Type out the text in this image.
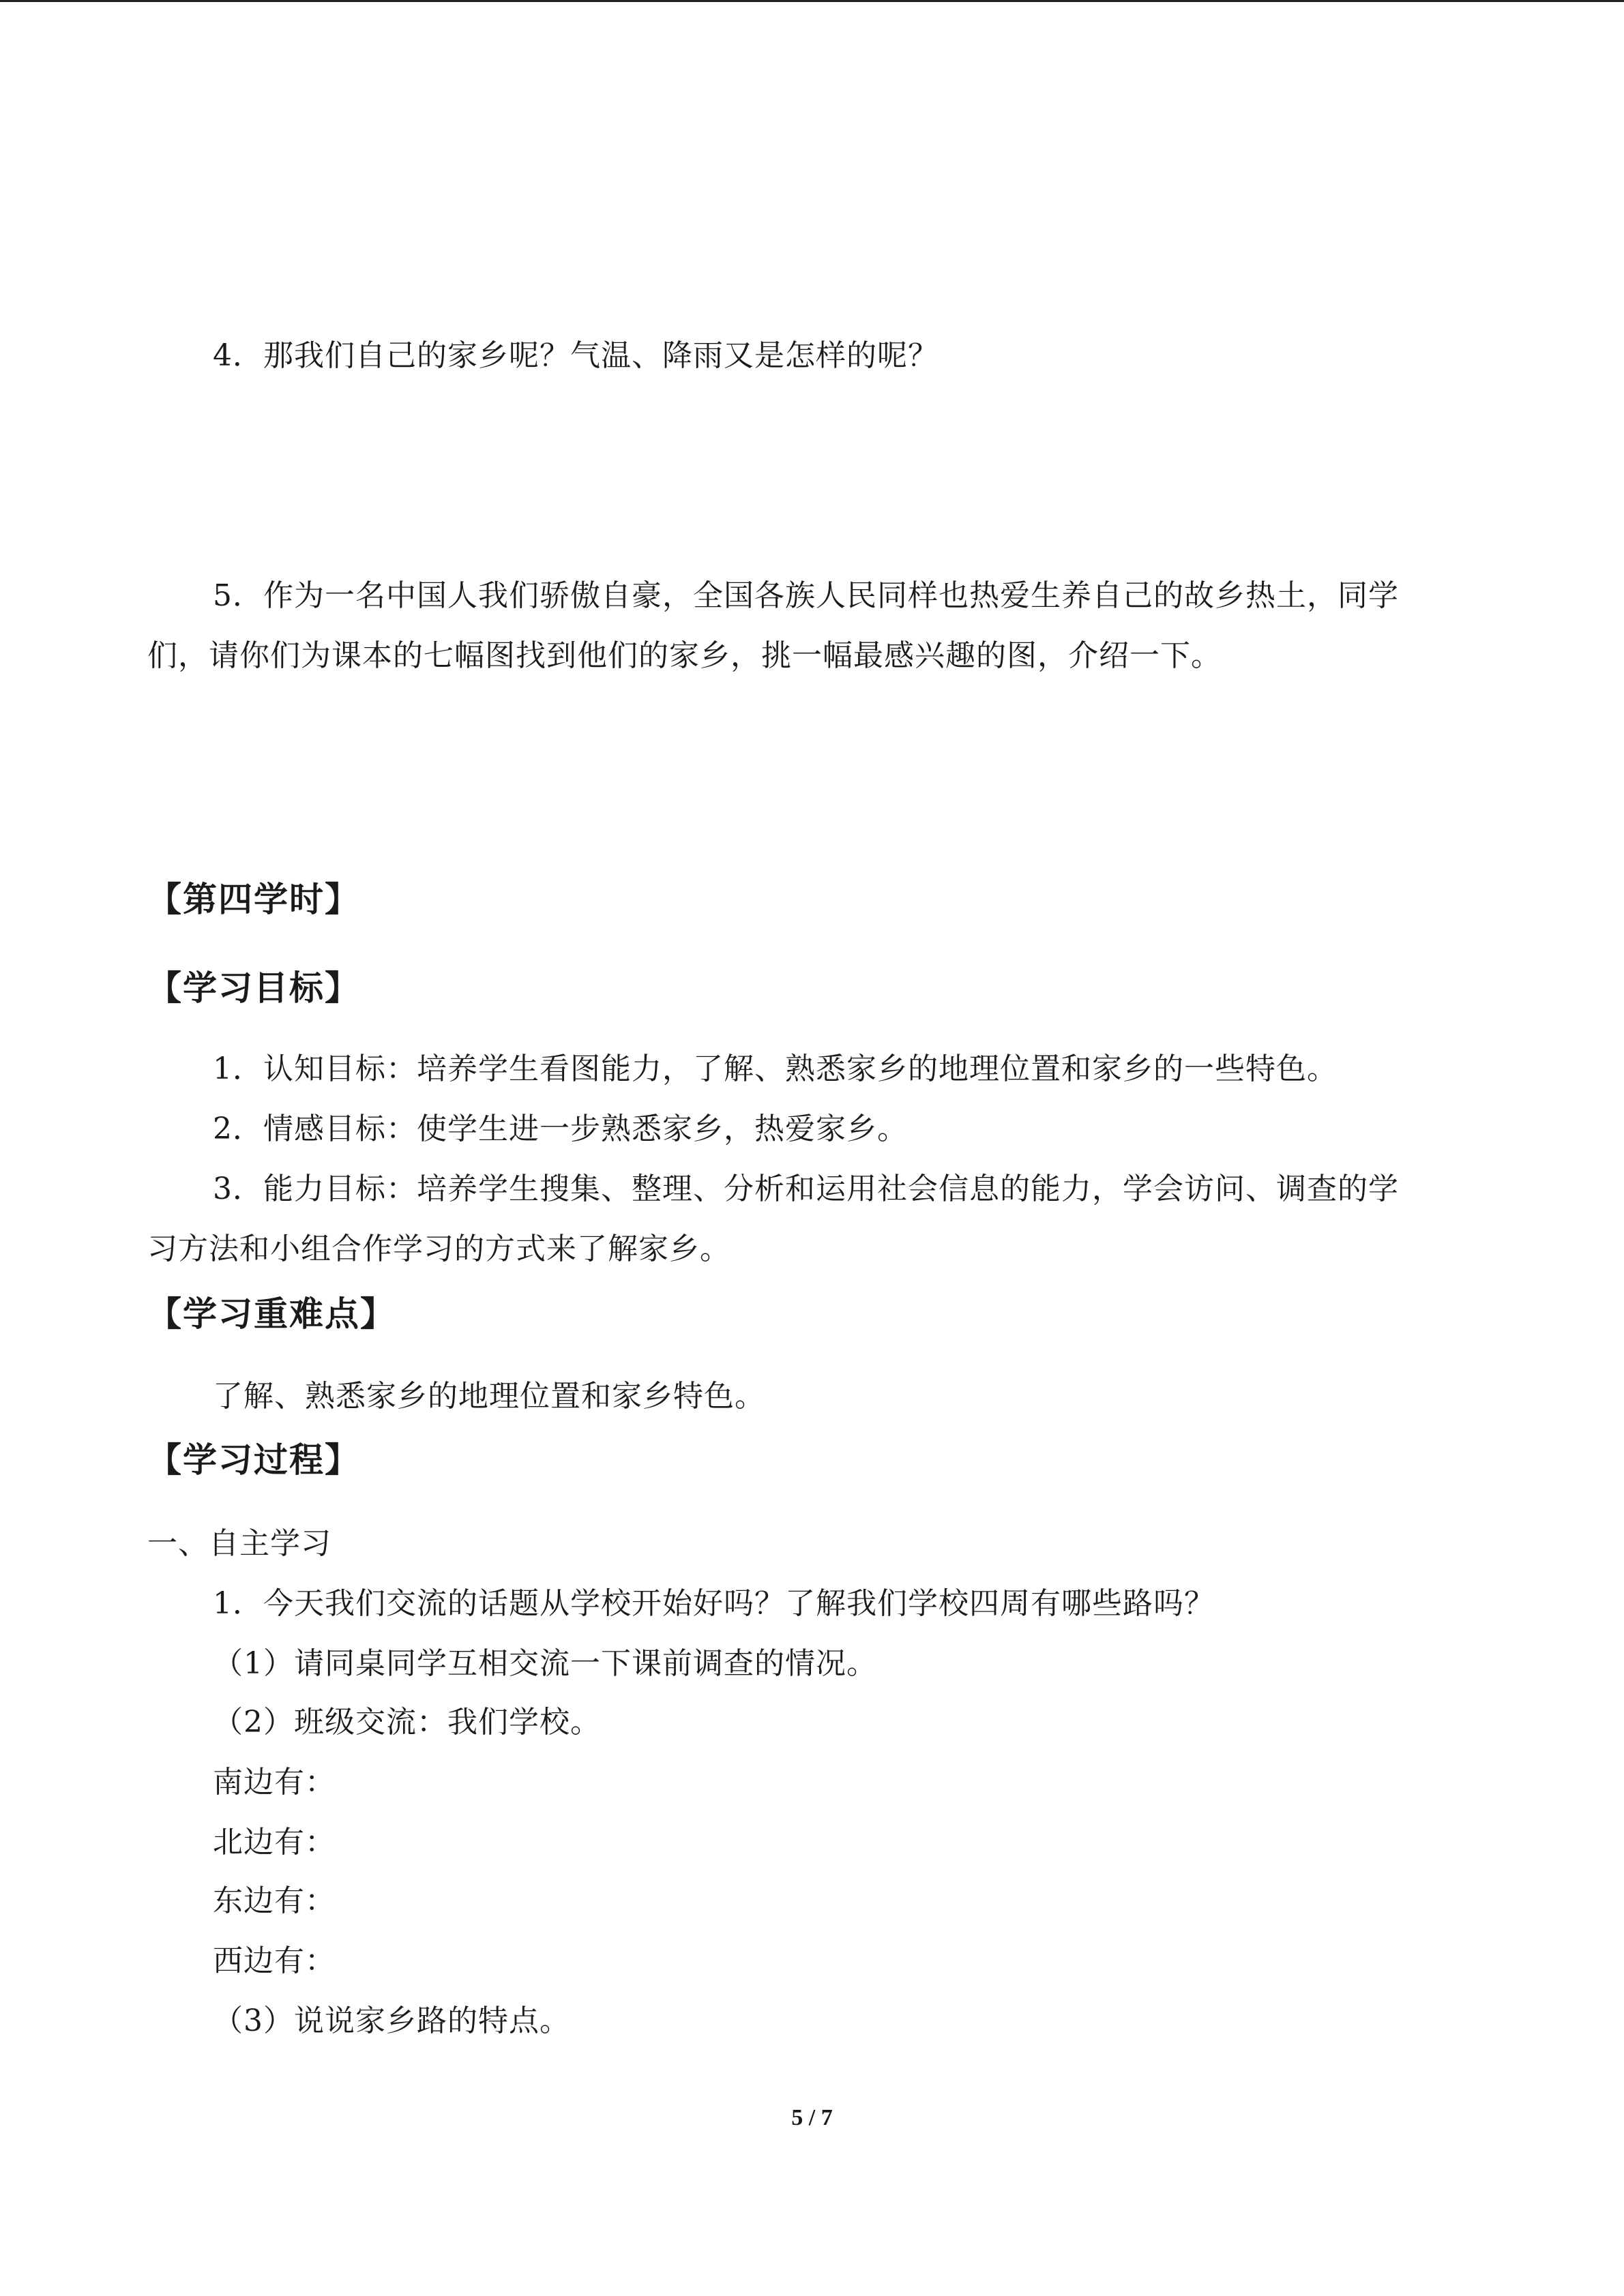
4．那我们自己的家乡呢？气温、降雨又是怎样的呢？
5．作为一名中国人我们骄傲自豪，全国各族人民同样也热爱生养自己的故乡热土，同学
们，请你们为课本的七幅图找到他们的家乡，挑一幅最感兴趣的图，介绍一下。
【第四学时】
【学习目标】
1．认知目标：培养学生看图能力，了解、熟悉家乡的地理位置和家乡的一些特色。
2．情感目标：使学生进一步熟悉家乡，热爱家乡。
3．能力目标：培养学生搜集、整理、分析和运用社会信息的能力，学会访问、调查的学
习方法和小组合作学习的方式来了解家乡。
【学习重难点】
了解、熟悉家乡的地理位置和家乡特色。
【学习过程】
一、自主学习
1．今天我们交流的话题从学校开始好吗？了解我们学校四周有哪些路吗？
（1）请同桌同学互相交流一下课前调查的情况。
（2）班级交流：我们学校。
南边有：
北边有：
东边有：
西边有：
（3）说说家乡路的特点。
5 / 7
